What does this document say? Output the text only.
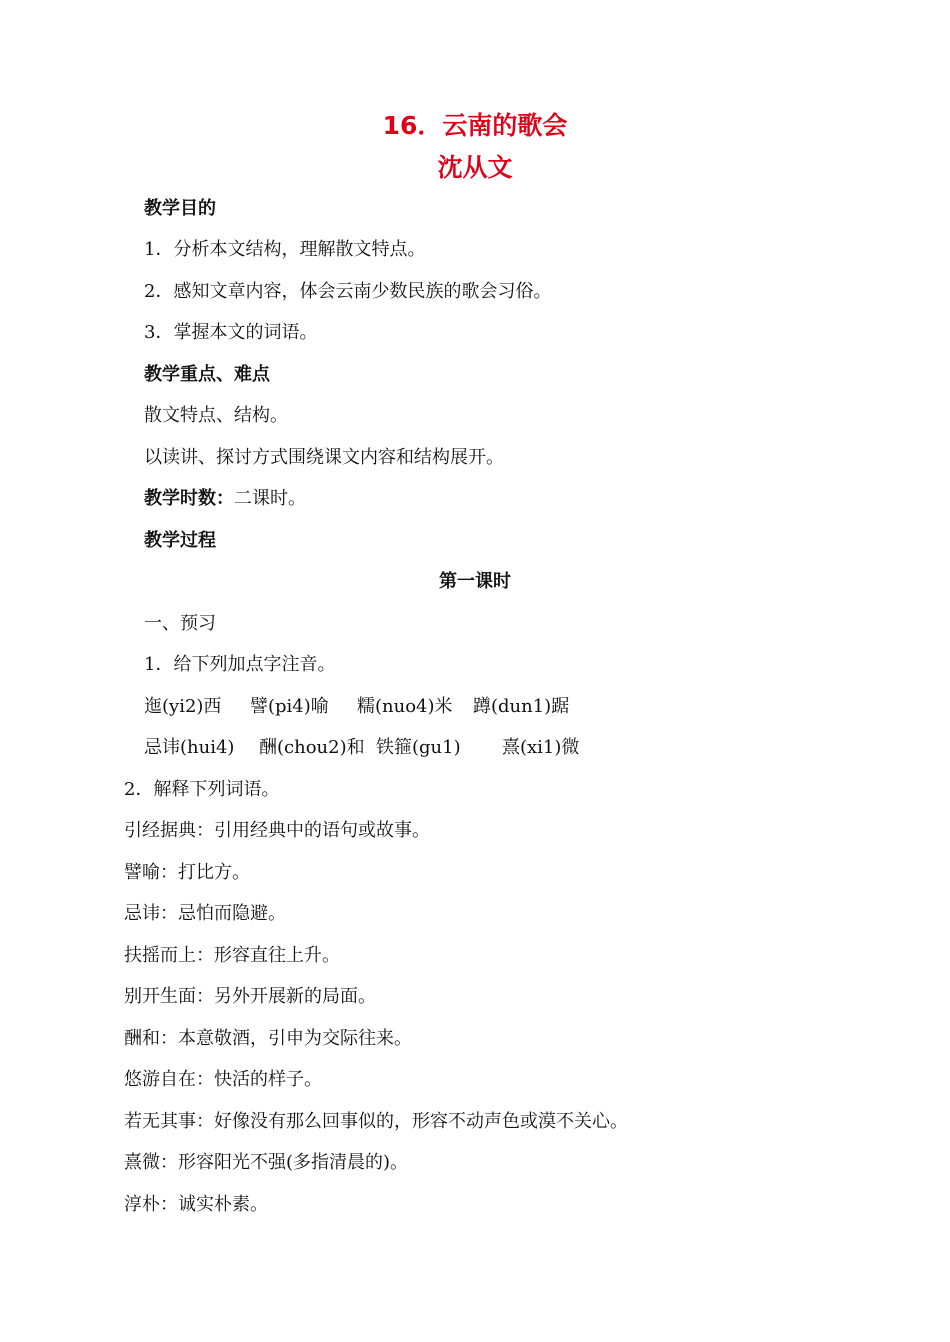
16．云南的歌会
沈从文

教学目的

1．分析本文结构，理解散文特点。

2．感知文章内容，体会云南少数民族的歌会习俗。

3．掌握本文的词语。

教学重点、难点

散文特点、结构。

以读讲、探讨方式围绕课文内容和结构展开。

教学时数：二课时。

教学过程

第一课时

一、预习

1．给下列加点字注音。

迤(yi2)西 譬(pi4)喻 糯(nuo4)米 蹲(dun1)踞
忌讳(hui4) 酬(chou2)和 铁箍(gu1) 熹(xi1)微

2．解释下列词语。

引经据典：引用经典中的语句或故事。

譬喻：打比方。

忌讳：忌怕而隐避。

扶摇而上：形容直往上升。

别开生面：另外开展新的局面。

酬和：本意敬酒，引申为交际往来。

悠游自在：快活的样子。

若无其事：好像没有那么回事似的，形容不动声色或漠不关心。

熹微：形容阳光不强(多指清晨的)。

淳朴：诚实朴素。
